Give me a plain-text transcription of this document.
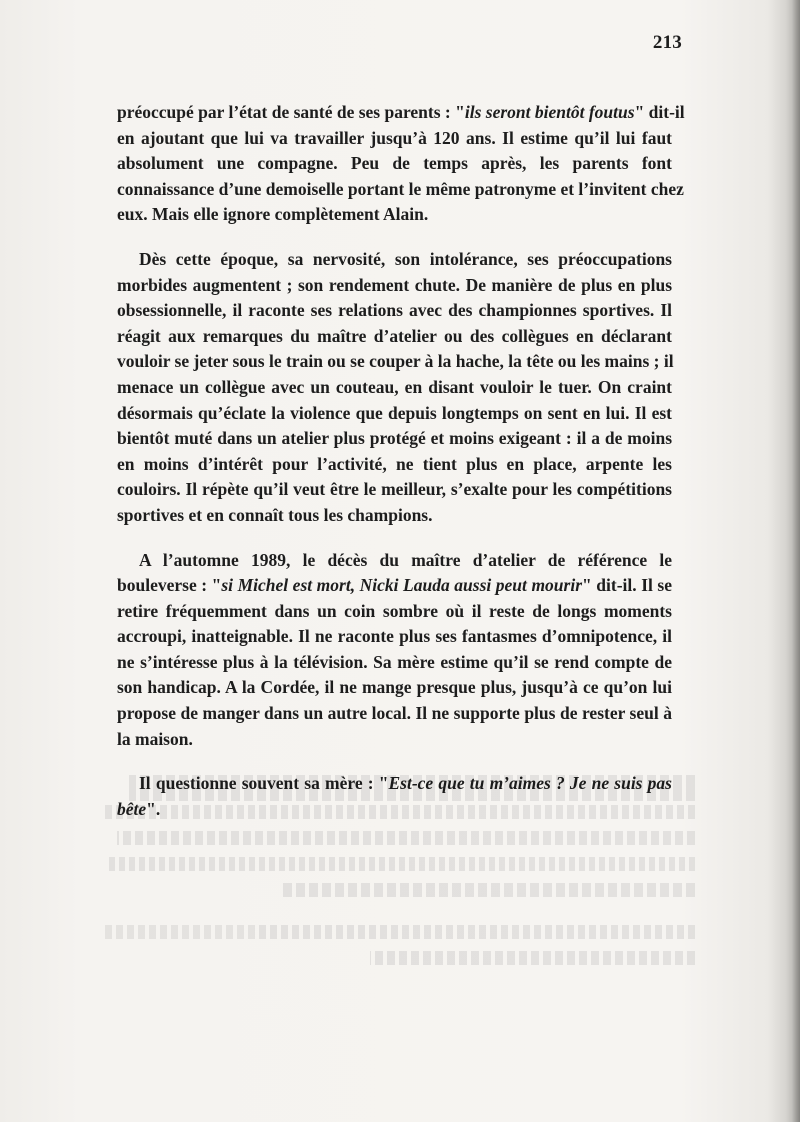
213
préoccupé par l’état de santé de ses parents : "ils seront bientôt foutus" dit-il
en ajoutant que lui va travailler jusqu’à 120 ans. Il estime qu’il lui faut
absolument une compagne. Peu de temps après, les parents font
connaissance d’une demoiselle portant le même patronyme et l’invitent chez
eux. Mais elle ignore complètement Alain.
Dès cette époque, sa nervosité, son intolérance, ses préoccupations
morbides augmentent ; son rendement chute. De manière de plus en plus
obsessionnelle, il raconte ses relations avec des championnes sportives. Il
réagit aux remarques du maître d’atelier ou des collègues en déclarant
vouloir se jeter sous le train ou se couper à la hache, la tête ou les mains ; il
menace un collègue avec un couteau, en disant vouloir le tuer. On craint
désormais qu’éclate la violence que depuis longtemps on sent en lui. Il est
bientôt muté dans un atelier plus protégé et moins exigeant : il a de moins
en moins d’intérêt pour l’activité, ne tient plus en place, arpente les
couloirs. Il répète qu’il veut être le meilleur, s’exalte pour les compétitions
sportives et en connaît tous les champions.
A l’automne 1989, le décès du maître d’atelier de référence le
bouleverse : "si Michel est mort, Nicki Lauda aussi peut mourir" dit-il. Il se
retire fréquemment dans un coin sombre où il reste de longs moments
accroupi, inatteignable. Il ne raconte plus ses fantasmes d’omnipotence, il
ne s’intéresse plus à la télévision. Sa mère estime qu’il se rend compte de
son handicap. A la Cordée, il ne mange presque plus, jusqu’à ce qu’on lui
propose de manger dans un autre local. Il ne supporte plus de rester seul à
la maison.
Il questionne souvent sa mère : "Est-ce que tu m’aimes ? Je ne suis pas
bête".
